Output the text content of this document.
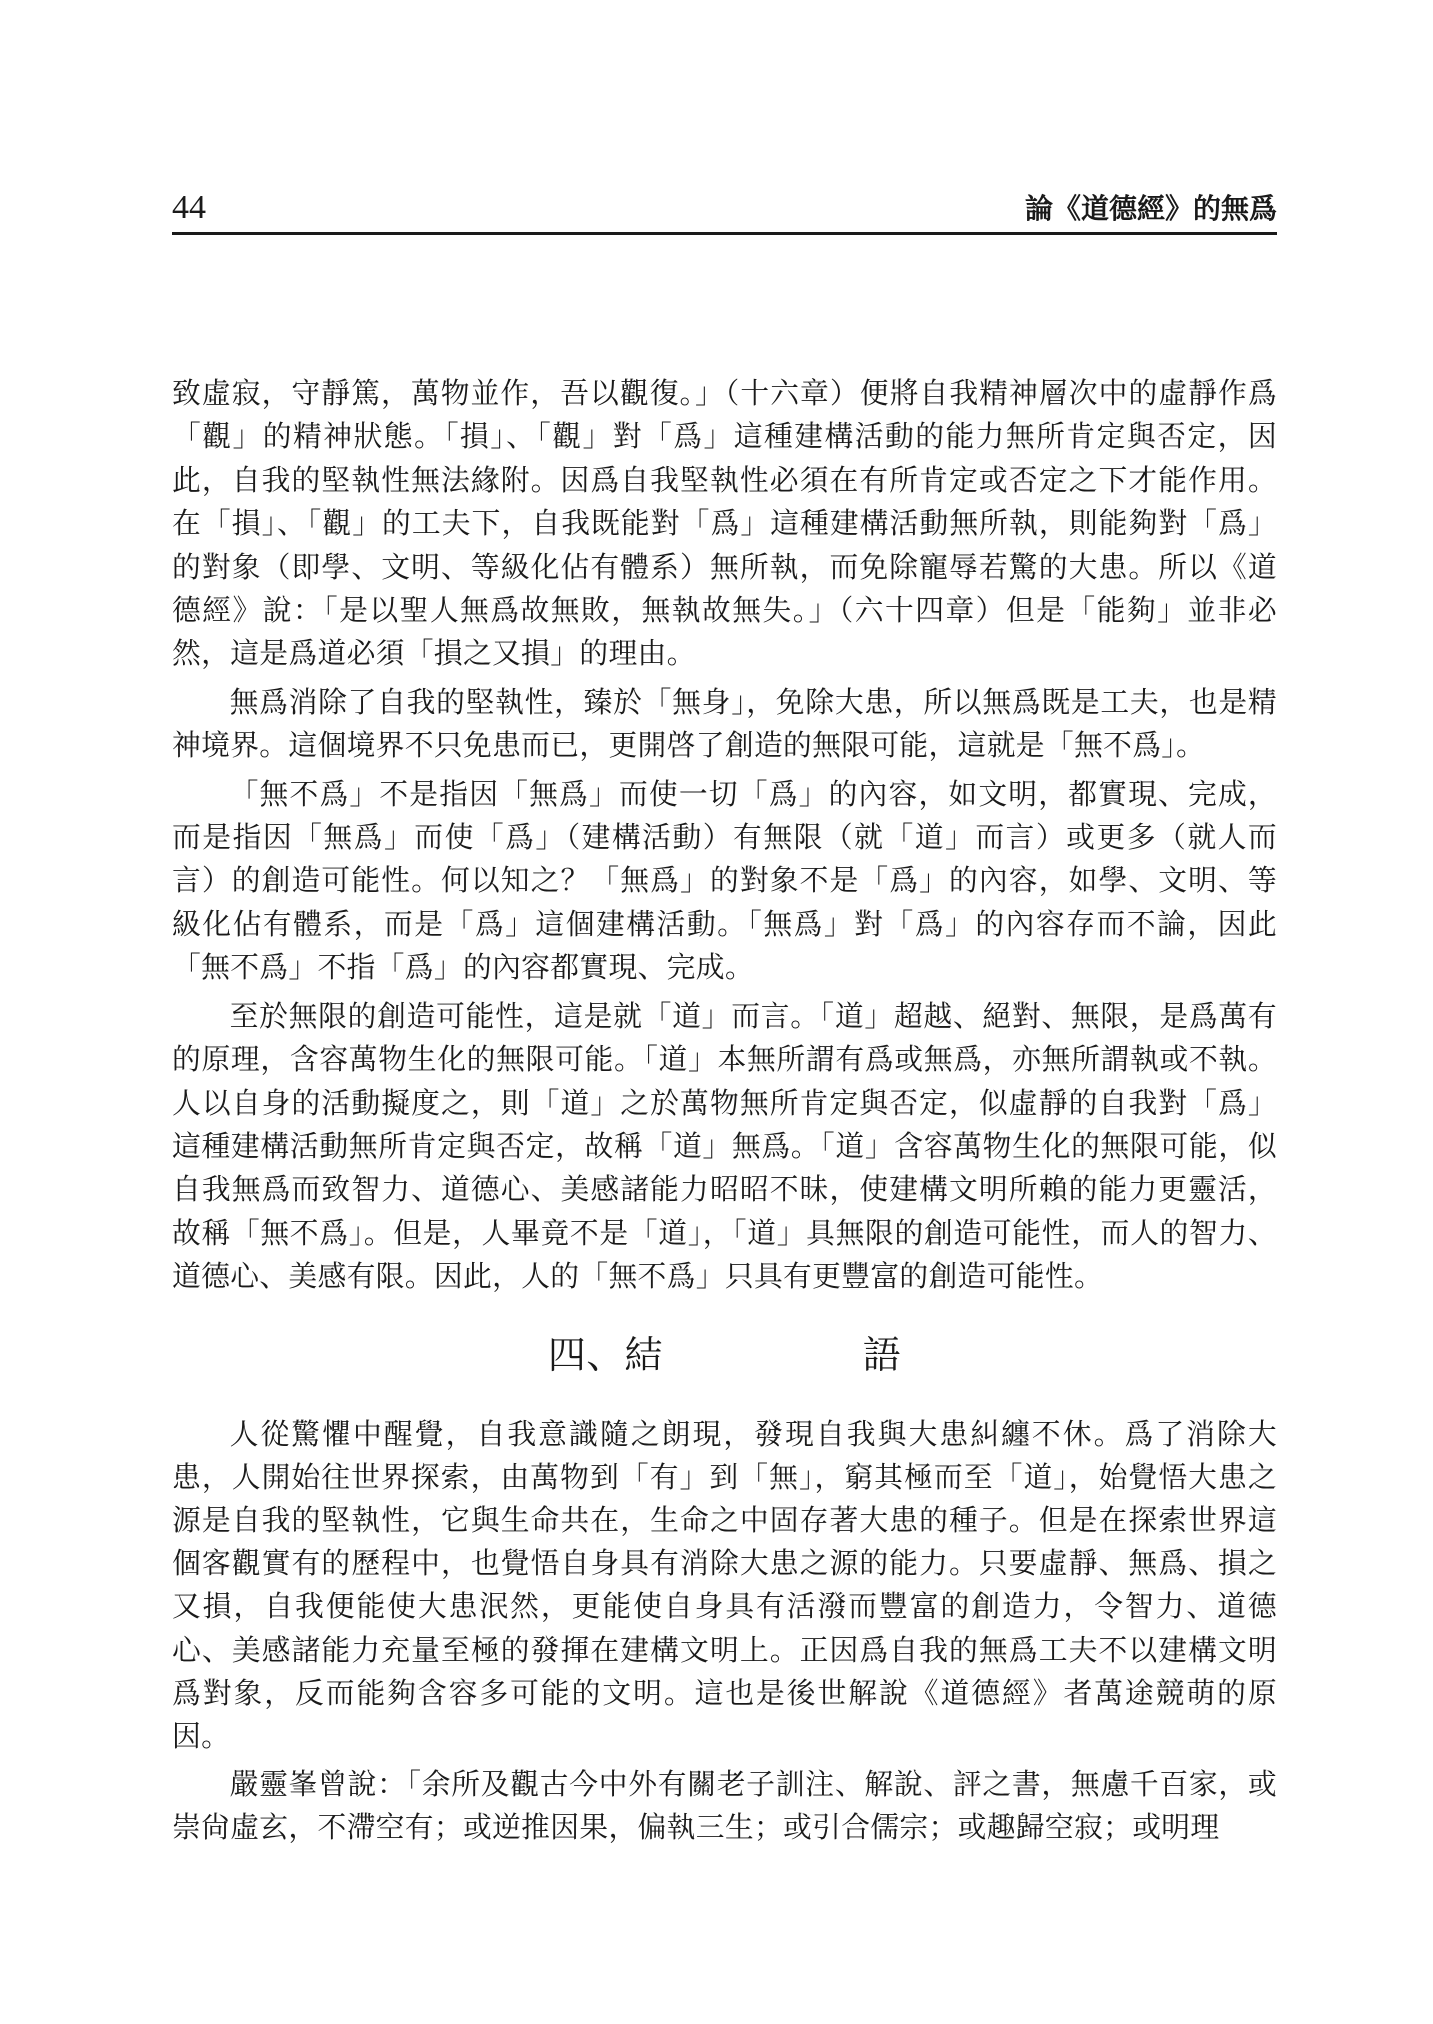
44	論《道德經》的無爲

致虛寂，守靜篤，萬物並作，吾以觀復。」（十六章）便將自我精神層次中的虛靜作爲「觀」的精神狀態。「損」、「觀」對「爲」這種建構活動的能力無所肯定與否定，因此，自我的堅執性無法緣附。因爲自我堅執性必須在有所肯定或否定之下才能作用。在「損」、「觀」的工夫下，自我既能對「爲」這種建構活動無所執，則能夠對「爲」的對象（即學、文明、等級化佔有體系）無所執，而免除寵辱若驚的大患。所以《道德經》說：「是以聖人無爲故無敗，無執故無失。」（六十四章）但是「能夠」並非必然，這是爲道必須「損之又損」的理由。

無爲消除了自我的堅執性，臻於「無身」，免除大患，所以無爲既是工夫，也是精神境界。這個境界不只免患而已，更開啓了創造的無限可能，這就是「無不爲」。

「無不爲」不是指因「無爲」而使一切「爲」的內容，如文明，都實現、完成，而是指因「無爲」而使「爲」（建構活動）有無限（就「道」而言）或更多（就人而言）的創造可能性。何以知之？「無爲」的對象不是「爲」的內容，如學、文明、等級化佔有體系，而是「爲」這個建構活動。「無爲」對「爲」的內容存而不論，因此「無不爲」不指「爲」的內容都實現、完成。

至於無限的創造可能性，這是就「道」而言。「道」超越、絕對、無限，是爲萬有的原理，含容萬物生化的無限可能。「道」本無所謂有爲或無爲，亦無所謂執或不執。人以自身的活動擬度之，則「道」之於萬物無所肯定與否定，似虛靜的自我對「爲」這種建構活動無所肯定與否定，故稱「道」無爲。「道」含容萬物生化的無限可能，似自我無爲而致智力、道德心、美感諸能力昭昭不昧，使建構文明所賴的能力更靈活，故稱「無不爲」。但是，人畢竟不是「道」，「道」具無限的創造可能性，而人的智力、道德心、美感有限。因此，人的「無不爲」只具有更豐富的創造可能性。

四、結	語

人從驚懼中醒覺，自我意識隨之朗現，發現自我與大患糾纏不休。爲了消除大患，人開始往世界探索，由萬物到「有」到「無」，窮其極而至「道」，始覺悟大患之源是自我的堅執性，它與生命共在，生命之中固存著大患的種子。但是在探索世界這個客觀實有的歷程中，也覺悟自身具有消除大患之源的能力。只要虛靜、無爲、損之又損，自我便能使大患泯然，更能使自身具有活潑而豐富的創造力，令智力、道德心、美感諸能力充量至極的發揮在建構文明上。正因爲自我的無爲工夫不以建構文明爲對象，反而能夠含容多可能的文明。這也是後世解說《道德經》者萬途競萌的原因。

嚴靈峯曾說：「余所及觀古今中外有關老子訓注、解說、評之書，無慮千百家，或崇尙虛玄，不滯空有；或逆推因果，偏執三生；或引合儒宗；或趣歸空寂；或明理
